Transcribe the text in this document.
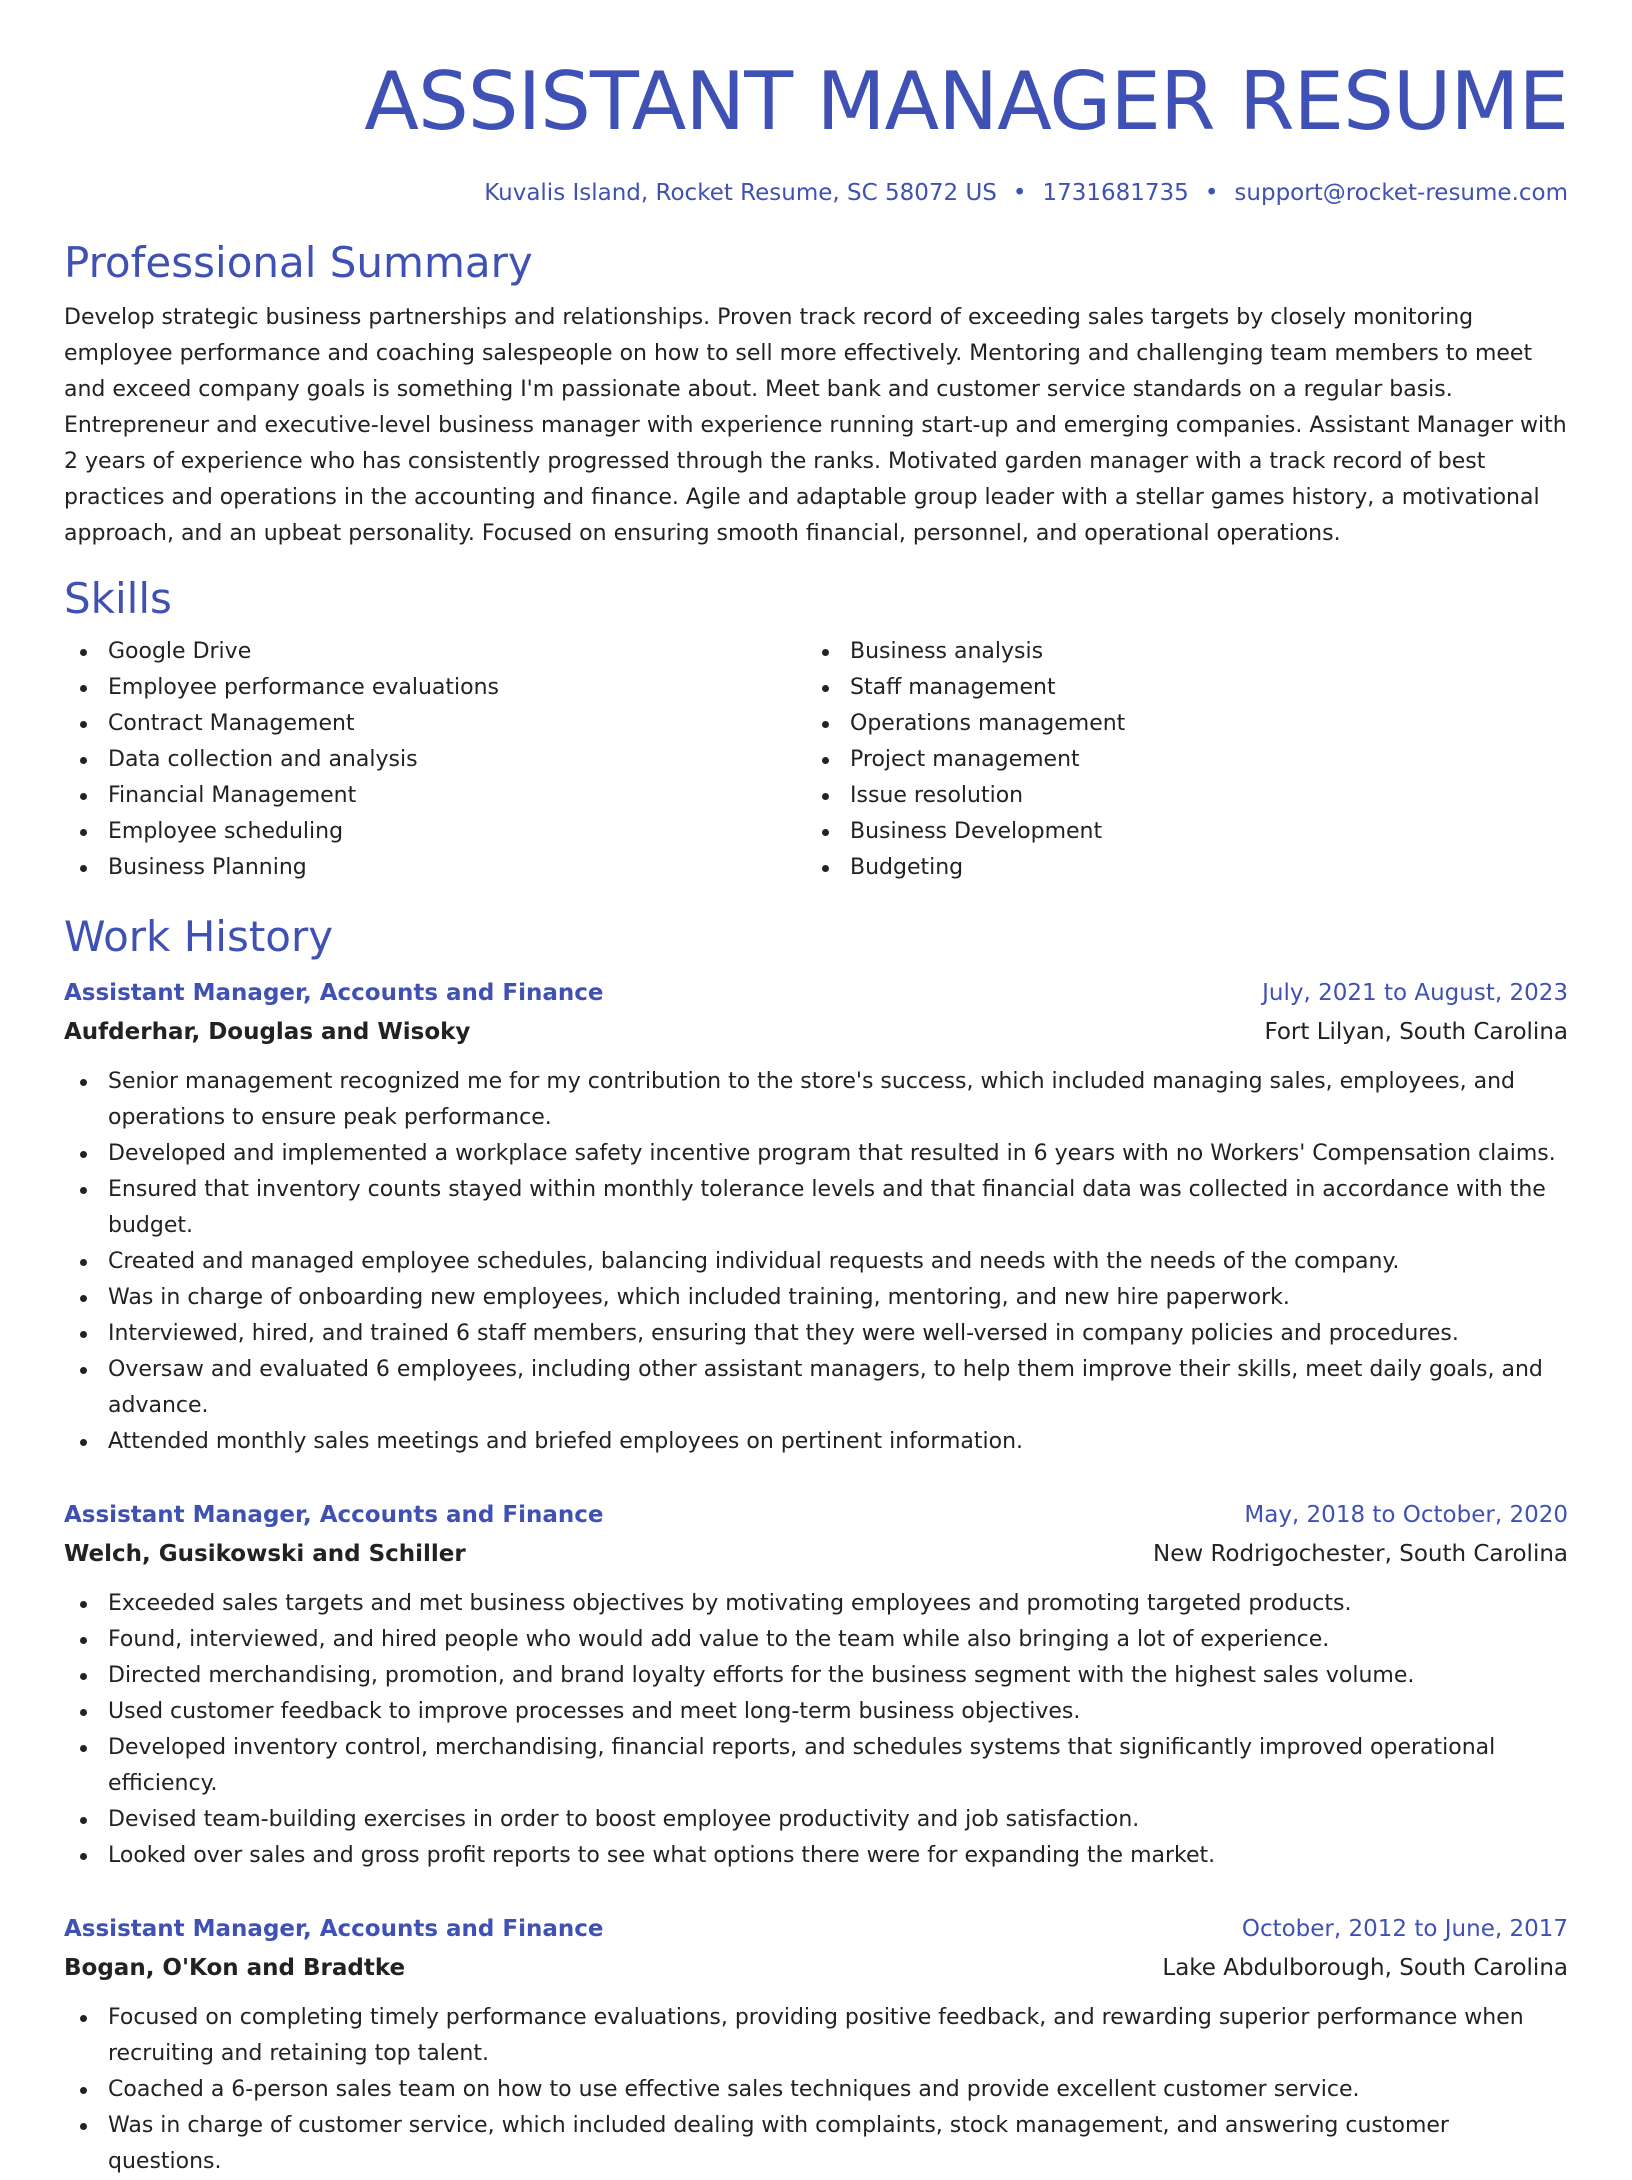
ASSISTANT MANAGER RESUME
Kuvalis Island, Rocket Resume, SC 58072 US • 1731681735 • support@rocket-resume.com
Professional Summary

Develop strategic business partnerships and relationships. Proven track record of exceeding sales targets by closely monitoring employee performance and coaching salespeople on how to sell more effectively. Mentoring and challenging team members to meet and exceed company goals is something I'm passionate about. Meet bank and customer service standards on a regular basis. Entrepreneur and executive-level business manager with experience running start-up and emerging companies. Assistant Manager with 2 years of experience who has consistently progressed through the ranks. Motivated garden manager with a track record of best practices and operations in the accounting and finance. Agile and adaptable group leader with a stellar games history, a motivational approach, and an upbeat personality. Focused on ensuring smooth financial, personnel, and operational operations.

Skills
Google Drive
Employee performance evaluations
Contract Management
Data collection and analysis
Financial Management
Employee scheduling
Business Planning
Business analysis
Staff management
Operations management
Project management
Issue resolution
Business Development
Budgeting
Work History
Assistant Manager, Accounts and Finance	July, 2021 to August, 2023
Aufderhar, Douglas and Wisoky	Fort Lilyan, South Carolina
Senior management recognized me for my contribution to the store's success, which included managing sales, employees, and operations to ensure peak performance.
Developed and implemented a workplace safety incentive program that resulted in 6 years with no Workers' Compensation claims.
Ensured that inventory counts stayed within monthly tolerance levels and that financial data was collected in accordance with the budget.
Created and managed employee schedules, balancing individual requests and needs with the needs of the company.
Was in charge of onboarding new employees, which included training, mentoring, and new hire paperwork.
Interviewed, hired, and trained 6 staff members, ensuring that they were well-versed in company policies and procedures.
Oversaw and evaluated 6 employees, including other assistant managers, to help them improve their skills, meet daily goals, and advance.
Attended monthly sales meetings and briefed employees on pertinent information.
Assistant Manager, Accounts and Finance	May, 2018 to October, 2020
Welch, Gusikowski and Schiller	New Rodrigochester, South Carolina
Exceeded sales targets and met business objectives by motivating employees and promoting targeted products.
Found, interviewed, and hired people who would add value to the team while also bringing a lot of experience.
Directed merchandising, promotion, and brand loyalty efforts for the business segment with the highest sales volume.
Used customer feedback to improve processes and meet long-term business objectives.
Developed inventory control, merchandising, financial reports, and schedules systems that significantly improved operational efficiency.
Devised team-building exercises in order to boost employee productivity and job satisfaction.
Looked over sales and gross profit reports to see what options there were for expanding the market.
Assistant Manager, Accounts and Finance	October, 2012 to June, 2017
Bogan, O'Kon and Bradtke	Lake Abdulborough, South Carolina
Focused on completing timely performance evaluations, providing positive feedback, and rewarding superior performance when recruiting and retaining top talent.
Coached a 6-person sales team on how to use effective sales techniques and provide excellent customer service.
Was in charge of customer service, which included dealing with complaints, stock management, and answering customer questions.
